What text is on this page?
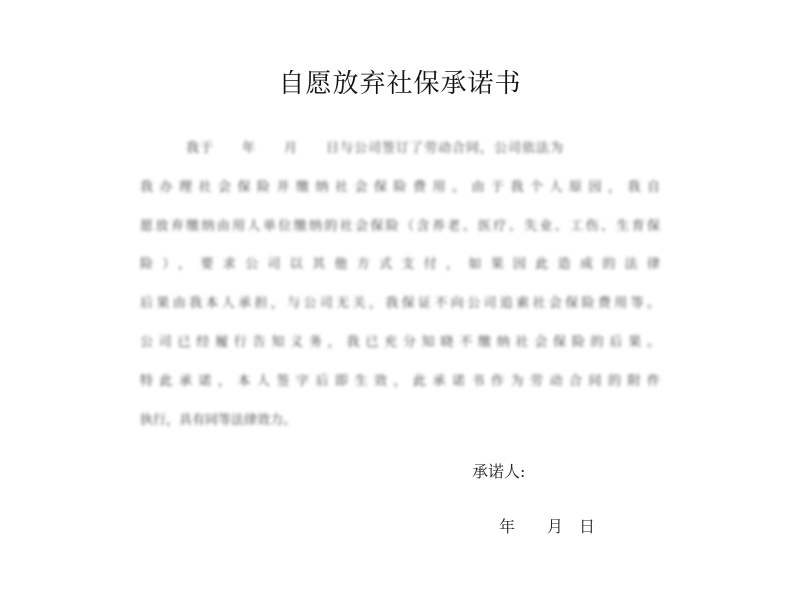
自愿放弃社保承诺书
我于　　年　　月　　日与公司签订了劳动合同，公司依法为
我办理社会保险并缴纳社会保险费用。由于我个人原因，我自
愿放弃缴纳由用人单位缴纳的社会保险（含养老、医疗、失业、工伤、生育保
险），要求公司以其他方式支付，如果因此造成的法律
后果由我本人承担，与公司无关，我保证不向公司追索社会保险费用等。
公司已经履行告知义务，我已充分知晓不缴纳社会保险的后果。
特此承诺，本人签字后即生效，此承诺书作为劳动合同的附件
执行，具有同等法律效力。
承诺人:
年　　月　日
